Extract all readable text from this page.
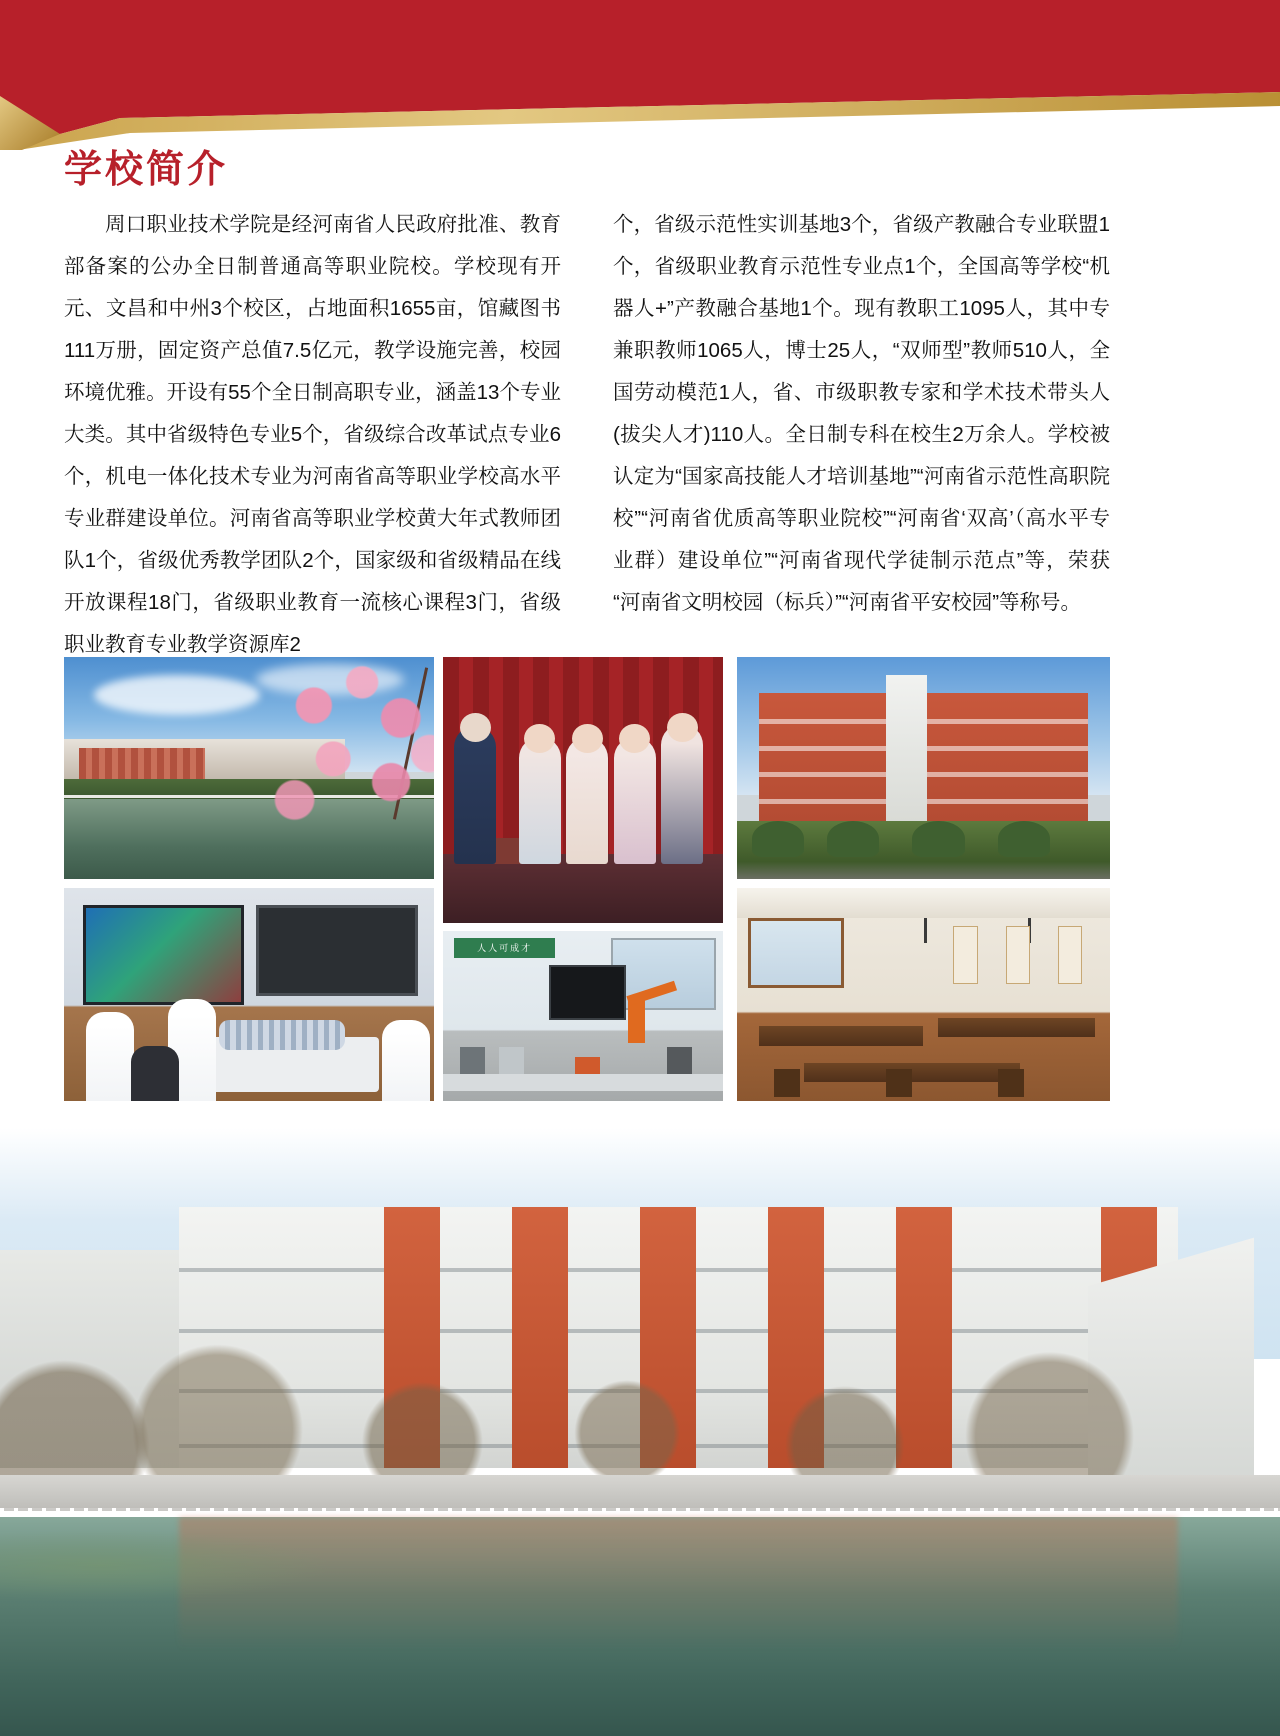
学校简介

周口职业技术学院是经河南省人民政府批准、教育部备案的公办全日制普通高等职业院校。学校现有开元、文昌和中州3个校区，占地面积1655亩，馆藏图书111万册，固定资产总值7.5亿元，教学设施完善，校园环境优雅。开设有55个全日制高职专业，涵盖13个专业大类。其中省级特色专业5个，省级综合改革试点专业6个，机电一体化技术专业为河南省高等职业学校高水平专业群建设单位。河南省高等职业学校黄大年式教师团队1个，省级优秀教学团队2个，国家级和省级精品在线开放课程18门，省级职业教育一流核心课程3门，省级职业教育专业教学资源库2

个，省级示范性实训基地3个，省级产教融合专业联盟1个，省级职业教育示范性专业点1个，全国高等学校“机器人+”产教融合基地1个。现有教职工1095人，其中专兼职教师1065人，博士25人，“双师型”教师510人，全国劳动模范1人，省、市级职教专家和学术技术带头人(拔尖人才)110人。全日制专科在校生2万余人。学校被认定为“国家高技能人才培训基地”“河南省示范性高职院校”“河南省优质高等职业院校”“河南省‘双高’（高水平专业群）建设单位”“河南省现代学徒制示范点”等，荣获“河南省文明校园（标兵）”“河南省平安校园”等称号。

人人可成才
